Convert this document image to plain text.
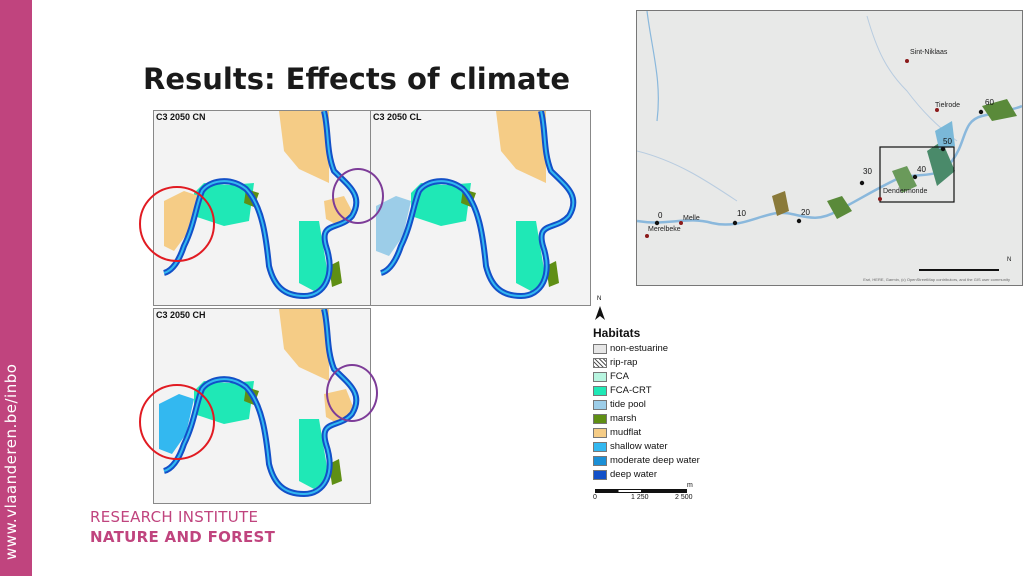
www.vlaanderen.be/inbo
Results: Effects of climate
C3 2050 CN	C3 2050 CL
C3 2050 CH
N
Habitats
non-estuarine
rip-rap
FCA
FCA-CRT
tide pool
marsh
mudflat
shallow water
moderate deep water
deep water
m
0	1 250	2 500
Sint-Niklaas
Tielrode
Dendermonde
Melle
Merelbeke
0	10	20
30	40
50
60
N
Esri, HERE, Garmin, (c) OpenStreetMap contributors, and the GIS user community
RESEARCH INSTITUTE
NATURE AND FOREST
